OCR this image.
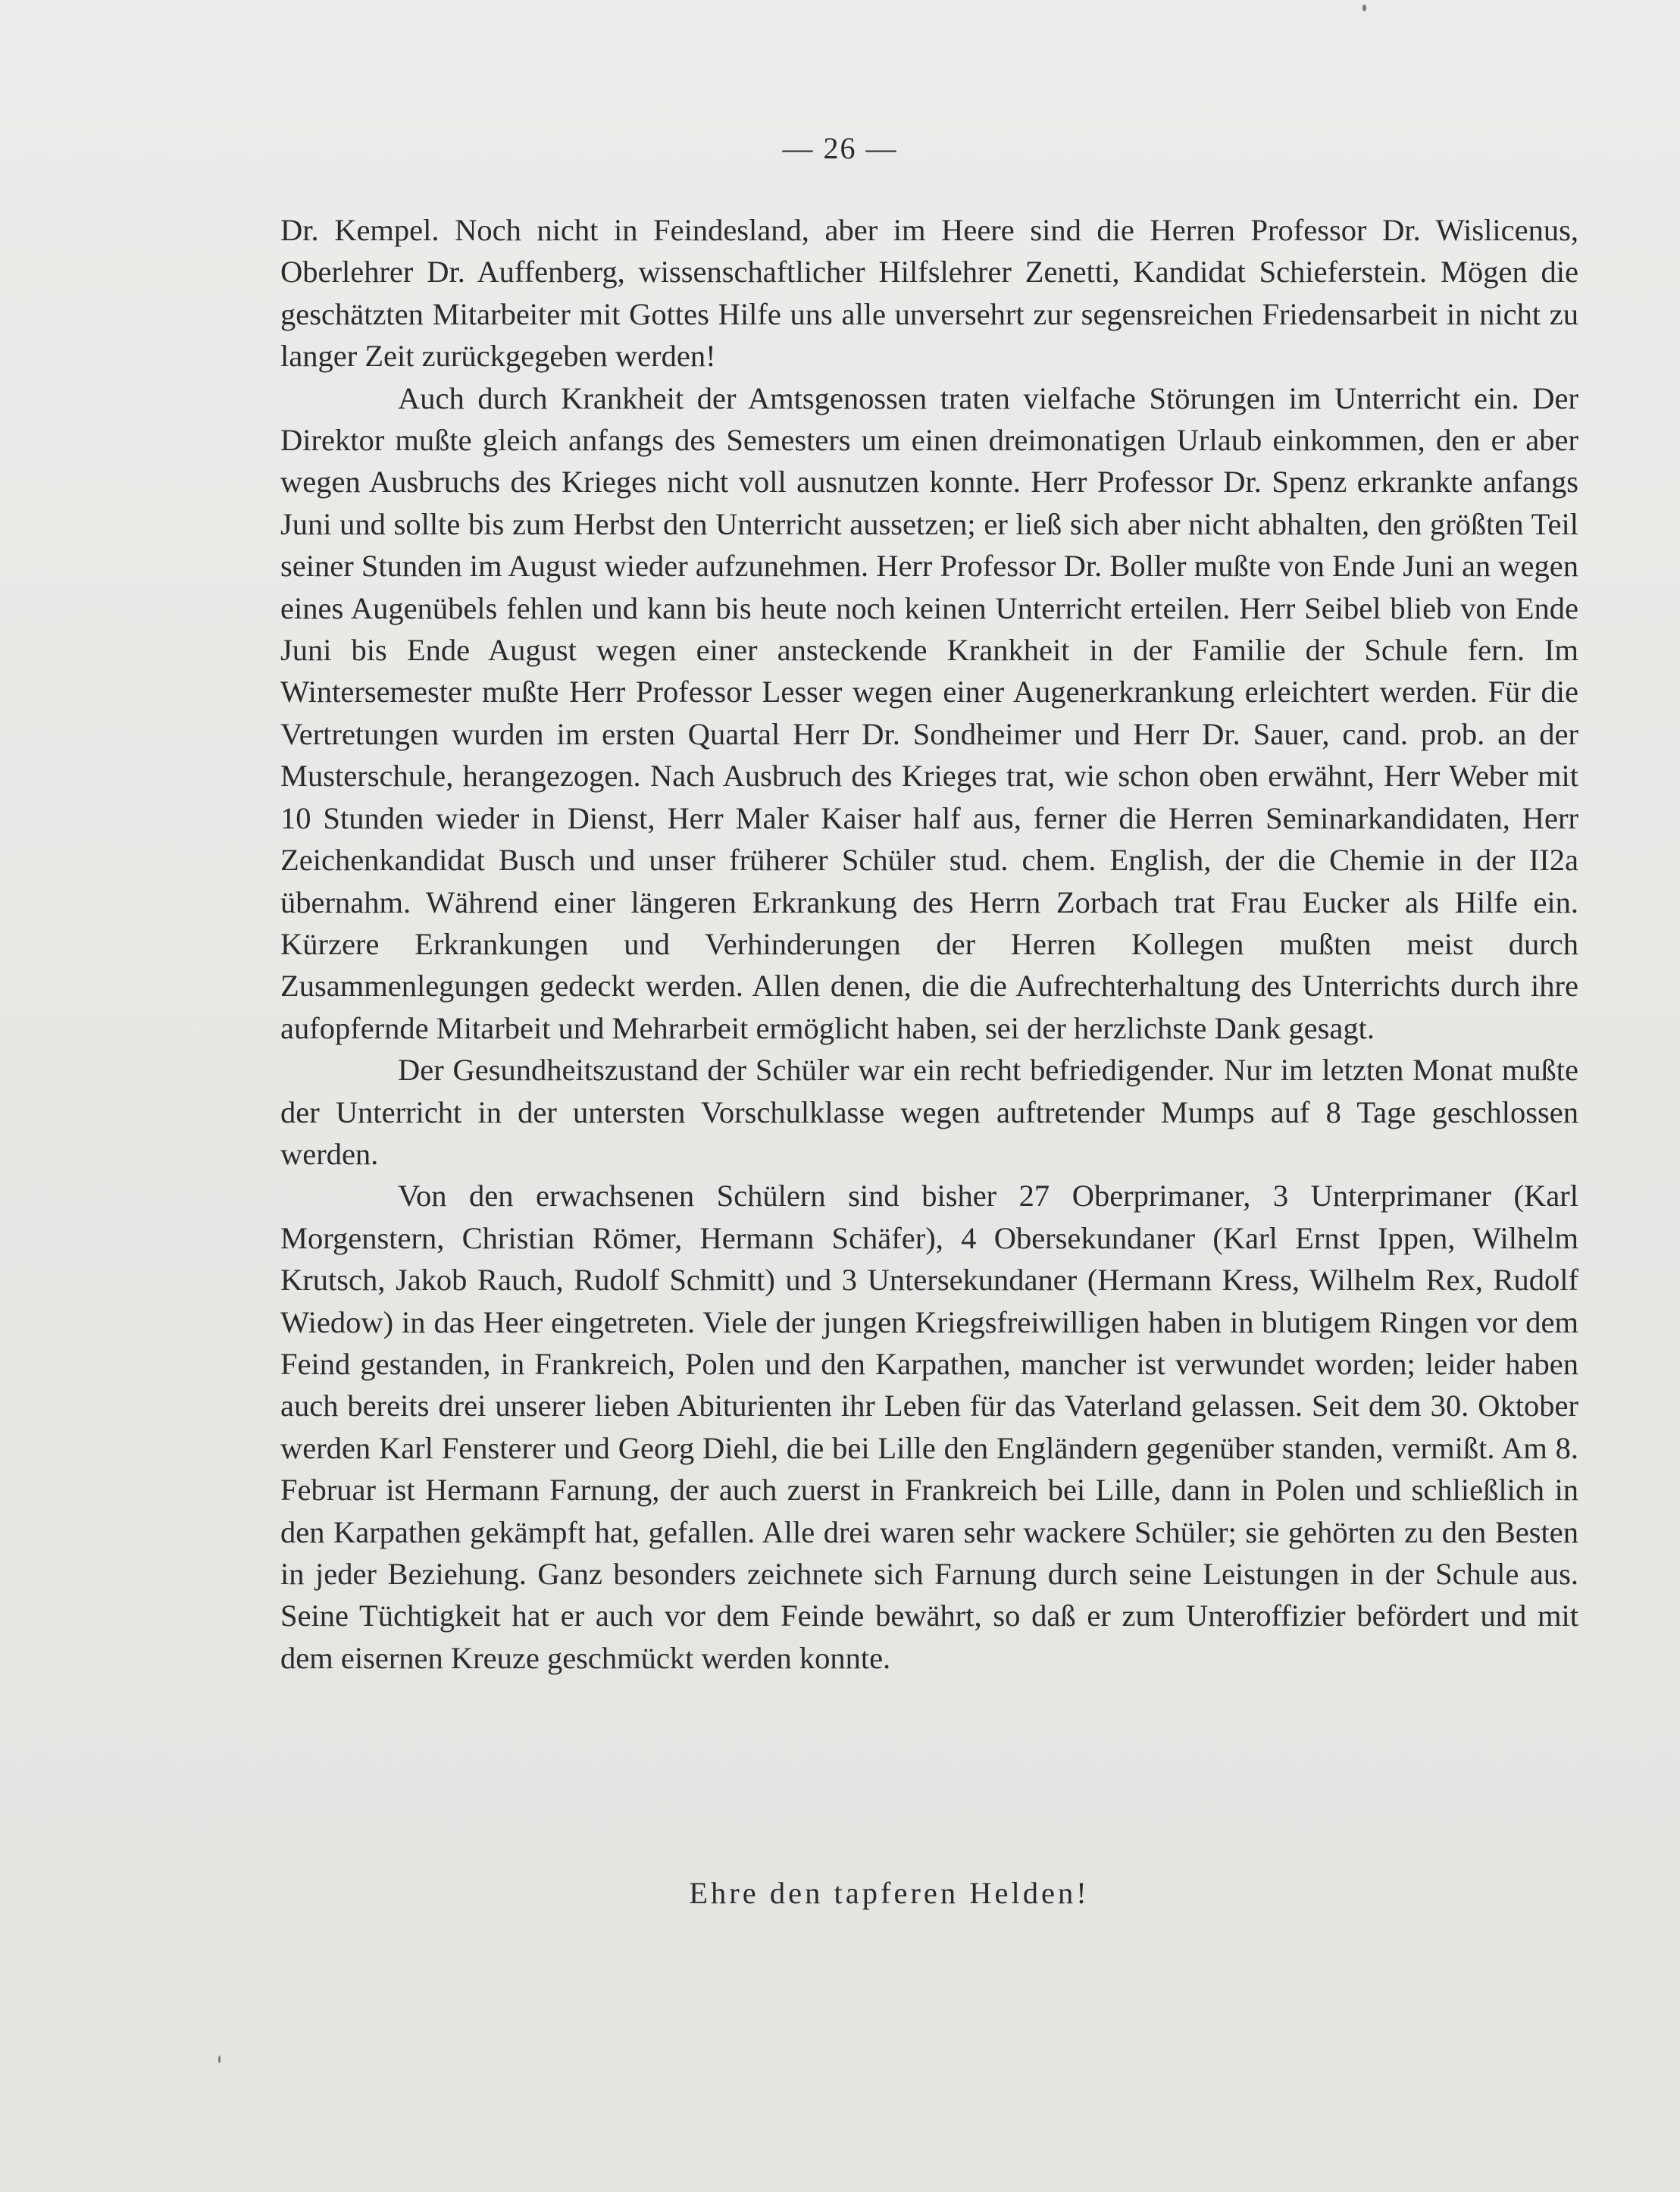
— 26 —

Dr. Kempel. Noch nicht in Feindesland, aber im Heere sind die Herren Professor Dr. Wislicenus, Oberlehrer Dr. Auffenberg, wissenschaftlicher Hilfslehrer Zenetti, Kandidat Schieferstein. Mögen die geschätzten Mitarbeiter mit Gottes Hilfe uns alle unversehrt zur segensreichen Friedensarbeit in nicht zu langer Zeit zurückgegeben werden!

Auch durch Krankheit der Amtsgenossen traten vielfache Störungen im Unterricht ein. Der Direktor mußte gleich anfangs des Semesters um einen dreimonatigen Urlaub einkommen, den er aber wegen Ausbruchs des Krieges nicht voll ausnutzen konnte. Herr Professor Dr. Spenz erkrankte anfangs Juni und sollte bis zum Herbst den Unterricht aussetzen; er ließ sich aber nicht abhalten, den größten Teil seiner Stunden im August wieder aufzunehmen. Herr Professor Dr. Boller mußte von Ende Juni an wegen eines Augenübels fehlen und kann bis heute noch keinen Unterricht erteilen. Herr Seibel blieb von Ende Juni bis Ende August wegen einer ansteckende Krankheit in der Familie der Schule fern. Im Wintersemester mußte Herr Professor Lesser wegen einer Augenerkrankung erleichtert werden. Für die Vertretungen wurden im ersten Quartal Herr Dr. Sondheimer und Herr Dr. Sauer, cand. prob. an der Musterschule, herangezogen. Nach Ausbruch des Krieges trat, wie schon oben erwähnt, Herr Weber mit 10 Stunden wieder in Dienst, Herr Maler Kaiser half aus, ferner die Herren Seminarkandidaten, Herr Zeichenkandidat Busch und unser früherer Schüler stud. chem. English, der die Chemie in der II2a übernahm. Während einer längeren Erkrankung des Herrn Zorbach trat Frau Eucker als Hilfe ein. Kürzere Erkrankungen und Verhinderungen der Herren Kollegen mußten meist durch Zusammenlegungen gedeckt werden. Allen denen, die die Aufrechterhaltung des Unterrichts durch ihre aufopfernde Mitarbeit und Mehrarbeit ermöglicht haben, sei der herzlichste Dank gesagt.

Der Gesundheitszustand der Schüler war ein recht befriedigender. Nur im letzten Monat mußte der Unterricht in der untersten Vorschulklasse wegen auftretender Mumps auf 8 Tage geschlossen werden.

Von den erwachsenen Schülern sind bisher 27 Oberprimaner, 3 Unterprimaner (Karl Morgenstern, Christian Römer, Hermann Schäfer), 4 Obersekundaner (Karl Ernst Ippen, Wilhelm Krutsch, Jakob Rauch, Rudolf Schmitt) und 3 Untersekundaner (Hermann Kress, Wilhelm Rex, Rudolf Wiedow) in das Heer eingetreten. Viele der jungen Kriegsfreiwilligen haben in blutigem Ringen vor dem Feind gestanden, in Frankreich, Polen und den Karpathen, mancher ist verwundet worden; leider haben auch bereits drei unserer lieben Abiturienten ihr Leben für das Vaterland gelassen. Seit dem 30. Oktober werden Karl Fensterer und Georg Diehl, die bei Lille den Engländern gegenüber standen, vermißt. Am 8. Februar ist Hermann Farnung, der auch zuerst in Frankreich bei Lille, dann in Polen und schließlich in den Karpathen gekämpft hat, gefallen. Alle drei waren sehr wackere Schüler; sie gehörten zu den Besten in jeder Beziehung. Ganz besonders zeichnete sich Farnung durch seine Leistungen in der Schule aus. Seine Tüchtigkeit hat er auch vor dem Feinde bewährt, so daß er zum Unteroffizier befördert und mit dem eisernen Kreuze geschmückt werden konnte.

Ehre den tapferen Helden!
